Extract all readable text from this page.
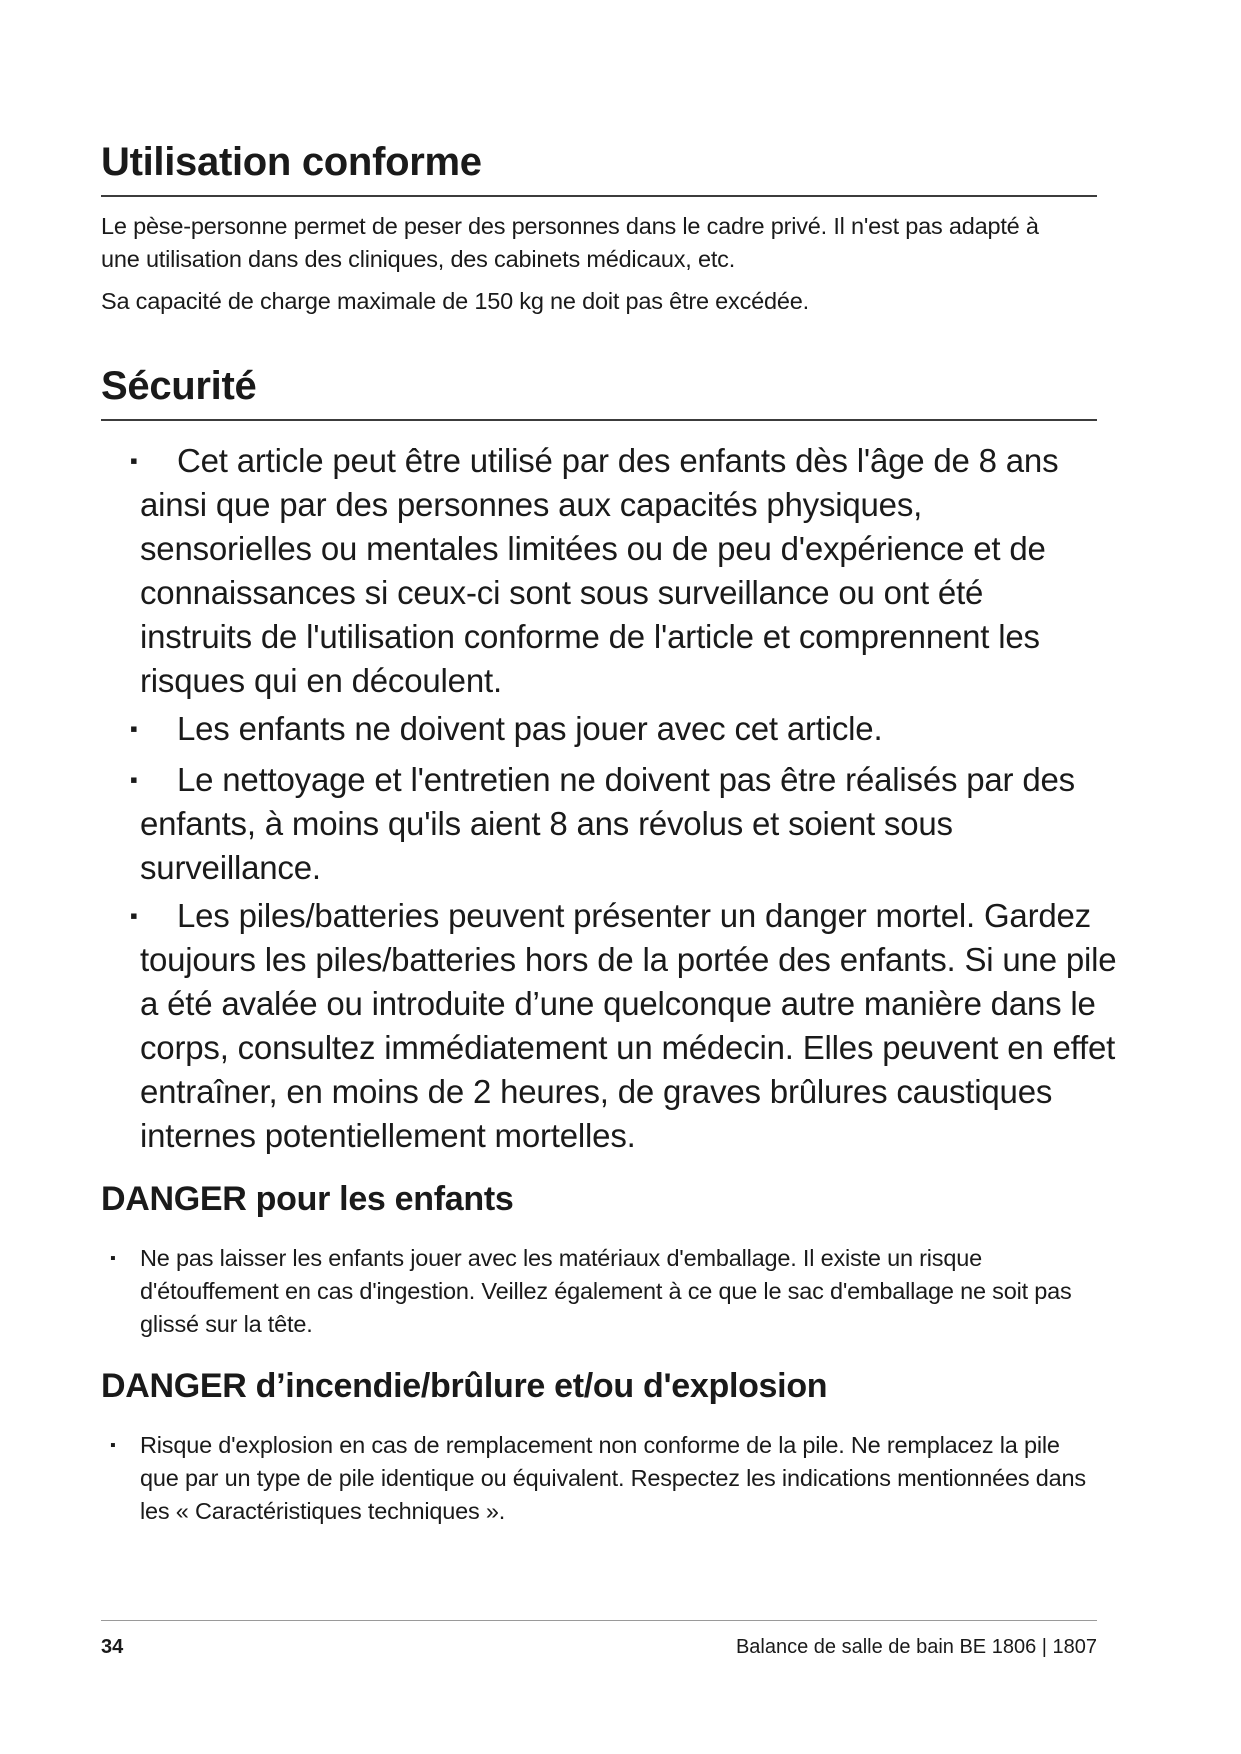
Utilisation conforme

Le pèse-personne permet de peser des personnes dans le cadre privé. Il n'est pas adapté à une utilisation dans des cliniques, des cabinets médicaux, etc.

Sa capacité de charge maximale de 150 kg ne doit pas être excédée.

Sécurité
▪ Cet article peut être utilisé par des enfants dès l'âge de 8 ans ainsi que par des personnes aux capacités physiques, sensorielles ou mentales limitées ou de peu d'expérience et de connaissances si ceux-ci sont sous surveillance ou ont été instruits de l'utilisation conforme de l'article et comprennent les risques qui en découlent.
▪ Les enfants ne doivent pas jouer avec cet article.
▪ Le nettoyage et l'entretien ne doivent pas être réalisés par des enfants, à moins qu'ils aient 8 ans révolus et soient sous surveillance.
▪ Les piles/batteries peuvent présenter un danger mortel. Gardez toujours les piles/batteries hors de la portée des enfants. Si une pile a été avalée ou introduite d’une quelconque autre manière dans le corps, consultez immédiatement un médecin. Elles peuvent en effet entraîner, en moins de 2 heures, de graves brûlures caustiques internes potentiellement mortelles.
DANGER pour les enfants
▪ Ne pas laisser les enfants jouer avec les matériaux d'emballage. Il existe un risque d'étouffement en cas d'ingestion. Veillez également à ce que le sac d'emballage ne soit pas glissé sur la tête.
DANGER d’incendie/brûlure et/ou d'explosion
▪ Risque d'explosion en cas de remplacement non conforme de la pile. Ne remplacez la pile que par un type de pile identique ou équivalent. Respectez les indications mentionnées dans les « Caractéristiques techniques ».
34	Balance de salle de bain BE 1806 | 1807
